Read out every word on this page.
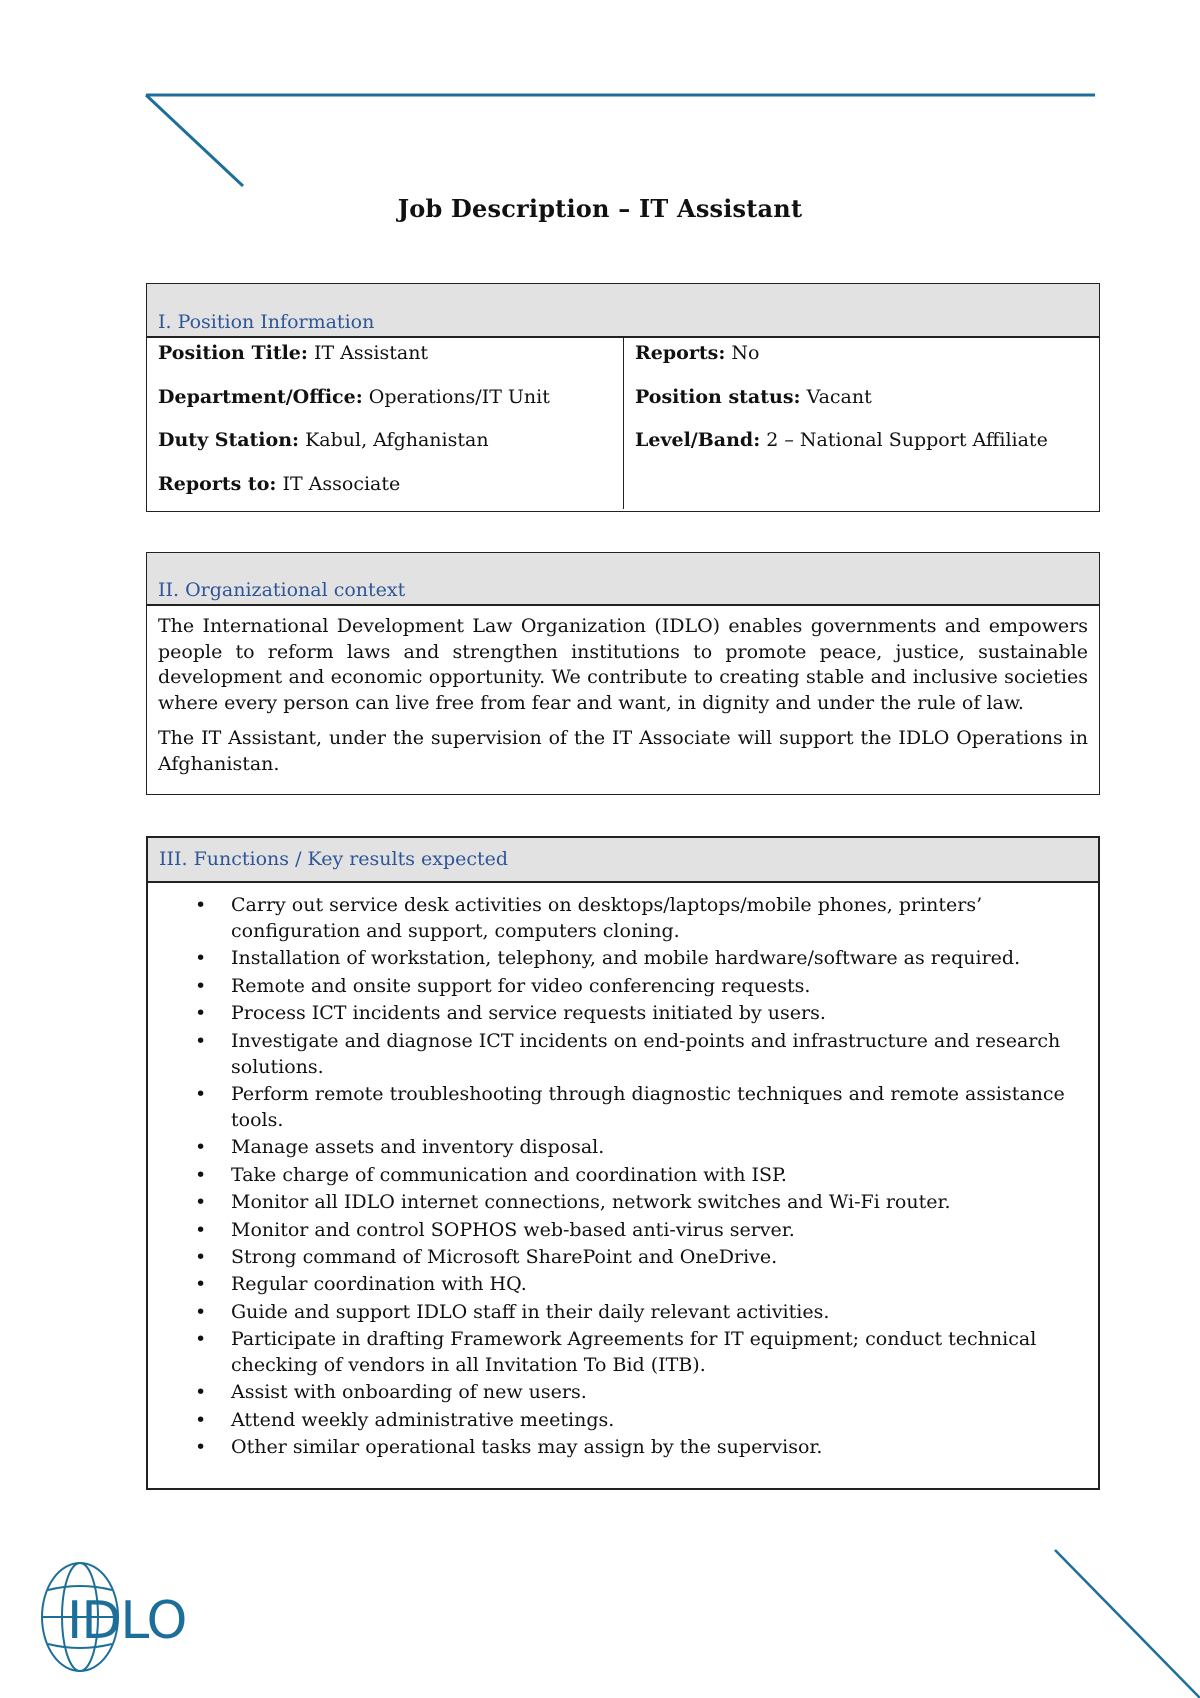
Job Description – IT Assistant
I. Position Information
Position Title: IT Assistant
Department/Office: Operations/IT Unit
Duty Station: Kabul, Afghanistan
Reports to: IT Associate
Reports: No
Position status: Vacant
Level/Band: 2 – National Support Affiliate
II. Organizational context

The International Development Law Organization (IDLO) enables governments and empowers people to reform laws and strengthen institutions to promote peace, justice, sustainable development and economic opportunity. We contribute to creating stable and inclusive societies where every person can live free from fear and want, in dignity and under the rule of law.

The IT Assistant, under the supervision of the IT Associate will support the IDLO Operations in Afghanistan.

III. Functions / Key results expected
• Carry out service desk activities on desktops/laptops/mobile phones, printers’ configuration and support, computers cloning.
• Installation of workstation, telephony, and mobile hardware/software as required.
• Remote and onsite support for video conferencing requests.
• Process ICT incidents and service requests initiated by users.
• Investigate and diagnose ICT incidents on end-points and infrastructure and research solutions.
• Perform remote troubleshooting through diagnostic techniques and remote assistance tools.
• Manage assets and inventory disposal.
• Take charge of communication and coordination with ISP.
• Monitor all IDLO internet connections, network switches and Wi-Fi router.
• Monitor and control SOPHOS web-based anti-virus server.
• Strong command of Microsoft SharePoint and OneDrive.
• Regular coordination with HQ.
• Guide and support IDLO staff in their daily relevant activities.
• Participate in drafting Framework Agreements for IT equipment; conduct technical checking of vendors in all Invitation To Bid (ITB).
• Assist with onboarding of new users.
• Attend weekly administrative meetings.
• Other similar operational tasks may assign by the supervisor.
IDLO
